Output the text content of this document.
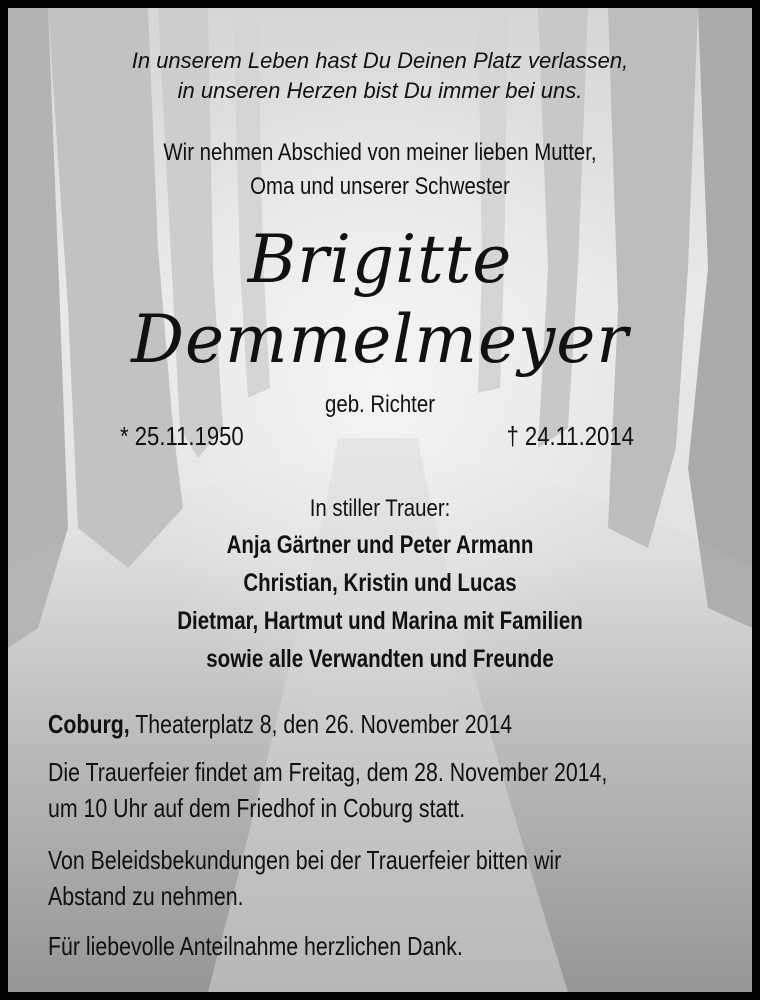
In unserem Leben hast Du Deinen Platz verlassen,
in unseren Herzen bist Du immer bei uns.
Wir nehmen Abschied von meiner lieben Mutter,
Oma und unserer Schwester
Brigitte
Demmelmeyer
geb. Richter
* 25.11.1950	† 24.11.2014
In stiller Trauer:
Anja Gärtner und Peter Armann
Christian, Kristin und Lucas
Dietmar, Hartmut und Marina mit Familien
sowie alle Verwandten und Freunde
Coburg, Theaterplatz 8, den 26. November 2014
Die Trauerfeier findet am Freitag, dem 28. November 2014,
um 10 Uhr auf dem Friedhof in Coburg statt.
Von Beleidsbekundungen bei der Trauerfeier bitten wir
Abstand zu nehmen.
Für liebevolle Anteilnahme herzlichen Dank.
